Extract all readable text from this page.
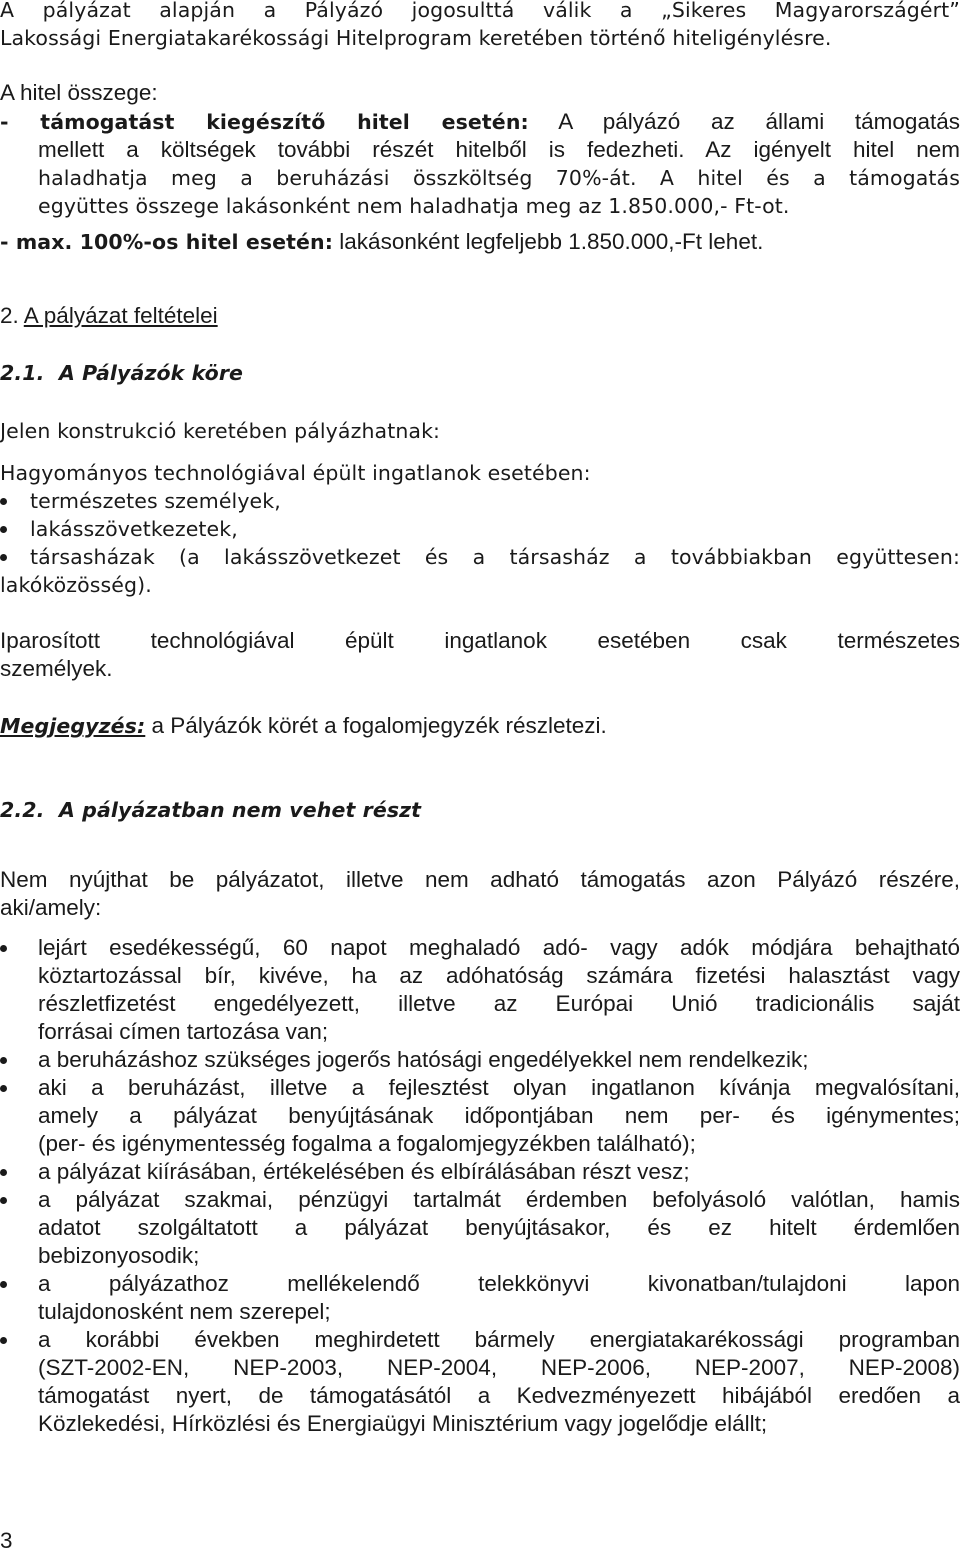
A pályázat alapján a Pályázó jogosulttá válik a „Sikeres Magyarországért”
Lakossági Energiatakarékossági Hitelprogram keretében történő hiteligénylésre.
A hitel összege:
- támogatást kiegészítő hitel esetén: A pályázó az állami támogatás
mellett a költségek további részét hitelből is fedezheti. Az igényelt hitel nem
haladhatja meg a beruházási összköltség 70%-át. A hitel és a támogatás
együttes összege lakásonként nem haladhatja meg az 1.850.000,- Ft-ot.
- max. 100%-os hitel esetén: lakásonként legfeljebb 1.850.000,-Ft lehet.
2. A pályázat feltételei
2.1.  A Pályázók köre
Jelen konstrukció keretében pályázhatnak:
Hagyományos technológiával épült ingatlanok esetében:
természetes személyek,
lakásszövetkezetek,
társasházak (a lakásszövetkezet és a társasház a továbbiakban együttesen:
lakóközösség).
Iparosított technológiával épült ingatlanok esetében csak természetes
személyek.
Megjegyzés: a Pályázók körét a fogalomjegyzék részletezi.
2.2.  A pályázatban nem vehet részt
Nem nyújthat be pályázatot, illetve nem adható támogatás azon Pályázó részére,
aki/amely:
lejárt esedékességű, 60 napot meghaladó adó- vagy adók módjára behajtható
köztartozással bír, kivéve, ha az adóhatóság számára fizetési halasztást vagy
részletfizetést engedélyezett, illetve az Európai Unió tradicionális saját
forrásai címen tartozása van;
a beruházáshoz szükséges jogerős hatósági engedélyekkel nem rendelkezik;
aki a beruházást, illetve a fejlesztést olyan ingatlanon kívánja megvalósítani,
amely a pályázat benyújtásának időpontjában nem per- és igénymentes;
(per- és igénymentesség fogalma a fogalomjegyzékben található);
a pályázat kiírásában, értékelésében és elbírálásában részt vesz;
a pályázat szakmai, pénzügyi tartalmát érdemben befolyásoló valótlan, hamis
adatot szolgáltatott a pályázat benyújtásakor, és ez hitelt érdemlően
bebizonyosodik;
a pályázathoz mellékelendő telekkönyvi kivonatban/tulajdoni lapon
tulajdonosként nem szerepel;
a korábbi években meghirdetett bármely energiatakarékossági programban
(SZT-2002-EN, NEP-2003, NEP-2004, NEP-2006, NEP-2007, NEP-2008)
támogatást nyert, de támogatásától a Kedvezményezett hibájából eredően a
Közlekedési, Hírközlési és Energiaügyi Minisztérium vagy jogelődje elállt;
3
